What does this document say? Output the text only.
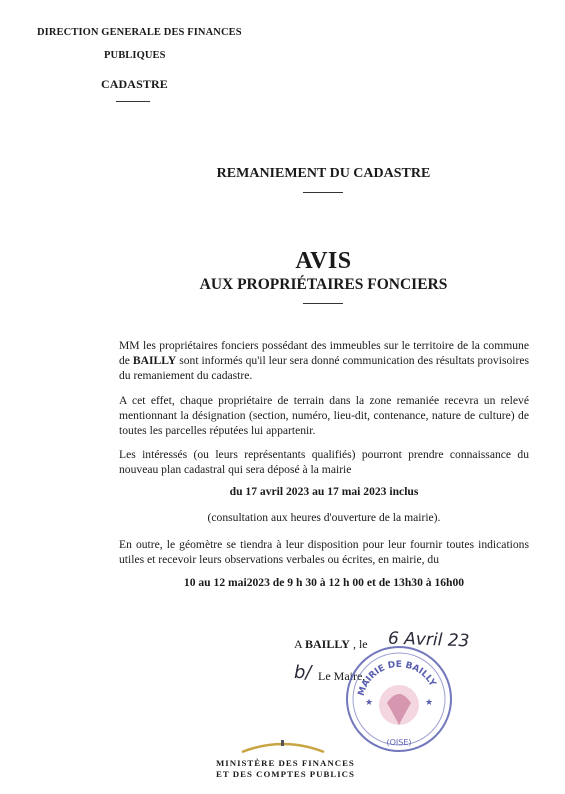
DIRECTION GENERALE DES FINANCES
PUBLIQUES
CADASTRE
REMANIEMENT DU CADASTRE
AVIS
AUX PROPRIÉTAIRES FONCIERS
MM les propriétaires fonciers possédant des immeubles sur le territoire de la commune de BAILLY sont informés qu'il leur sera donné communication des résultats provisoires du remaniement du cadastre.
A cet effet, chaque propriétaire de terrain dans la zone remaniée recevra un relevé mentionnant la désignation (section, numéro, lieu-dit, contenance, nature de culture) de toutes les parcelles réputées lui appartenir.
Les intéressés (ou leurs représentants qualifiés) pourront prendre connaissance du nouveau plan cadastral qui sera déposé à la mairie
du 17 avril 2023 au 17 mai 2023 inclus
(consultation aux heures d'ouverture de la mairie).
En outre, le géomètre se tiendra à leur disposition pour leur fournir toutes indications utiles et recevoir leurs observations verbales ou écrites, en mairie, du
10 au 12 mai2023 de 9 h 30 à 12 h 00 et de 13h30 à 16h00
A BAILLY , le 6 Avril 23
b/ Le Maire,
MAIRIE DE BAILLY
★	★
(OISE)
MINISTÈRE DES FINANCES
ET DES COMPTES PUBLICS
